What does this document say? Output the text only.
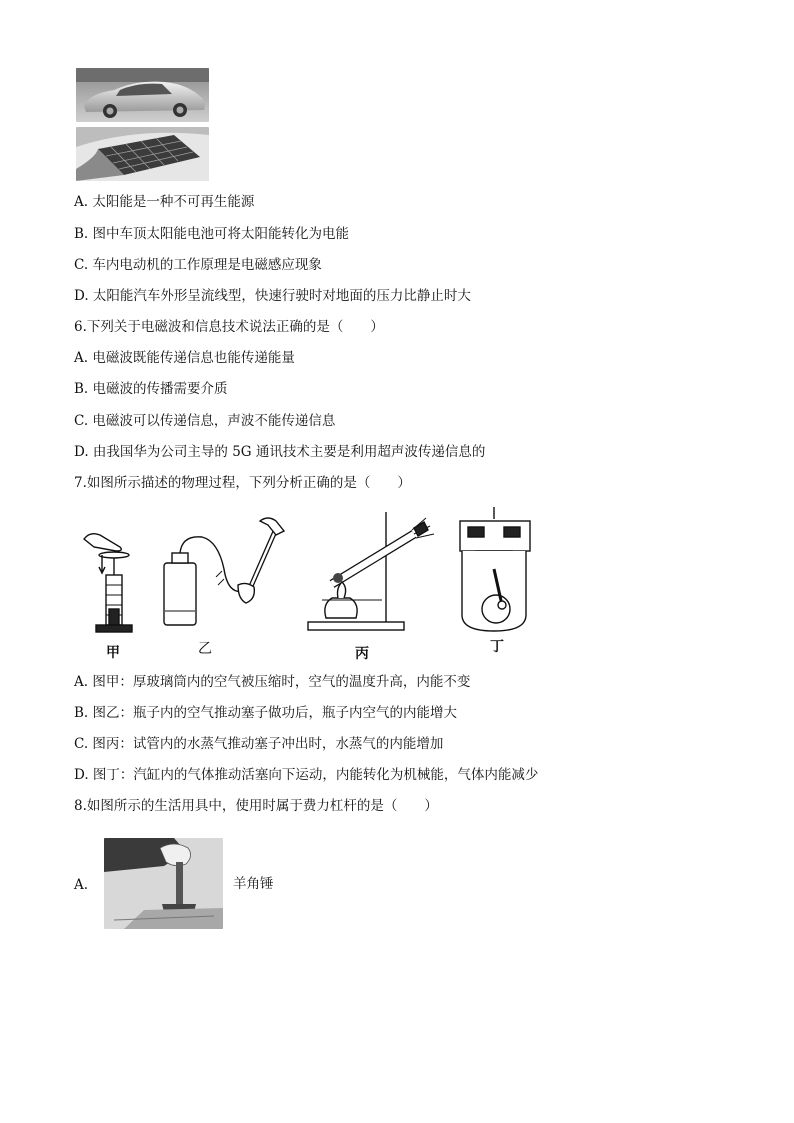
A. 太阳能是一种不可再生能源
B. 图中车顶太阳能电池可将太阳能转化为电能
C. 车内电动机的工作原理是电磁感应现象
D. 太阳能汽车外形呈流线型，快速行驶时对地面的压力比静止时大
6.下列关于电磁波和信息技术说法正确的是（　　）
A. 电磁波既能传递信息也能传递能量
B. 电磁波的传播需要介质
C. 电磁波可以传递信息，声波不能传递信息
D. 由我国华为公司主导的 5G 通讯技术主要是利用超声波传递信息的
7.如图所示描述的物理过程，下列分析正确的是（　　）
甲	乙	丙	丁
A. 图甲：厚玻璃筒内的空气被压缩时，空气的温度升高，内能不变
B. 图乙：瓶子内的空气推动塞子做功后，瓶子内空气的内能增大
C. 图丙：试管内的水蒸气推动塞子冲出时，水蒸气的内能增加
D. 图丁：汽缸内的气体推动活塞向下运动，内能转化为机械能，气体内能减少
8.如图所示的生活用具中，使用时属于费力杠杆的是（　　）
A.	羊角锤
